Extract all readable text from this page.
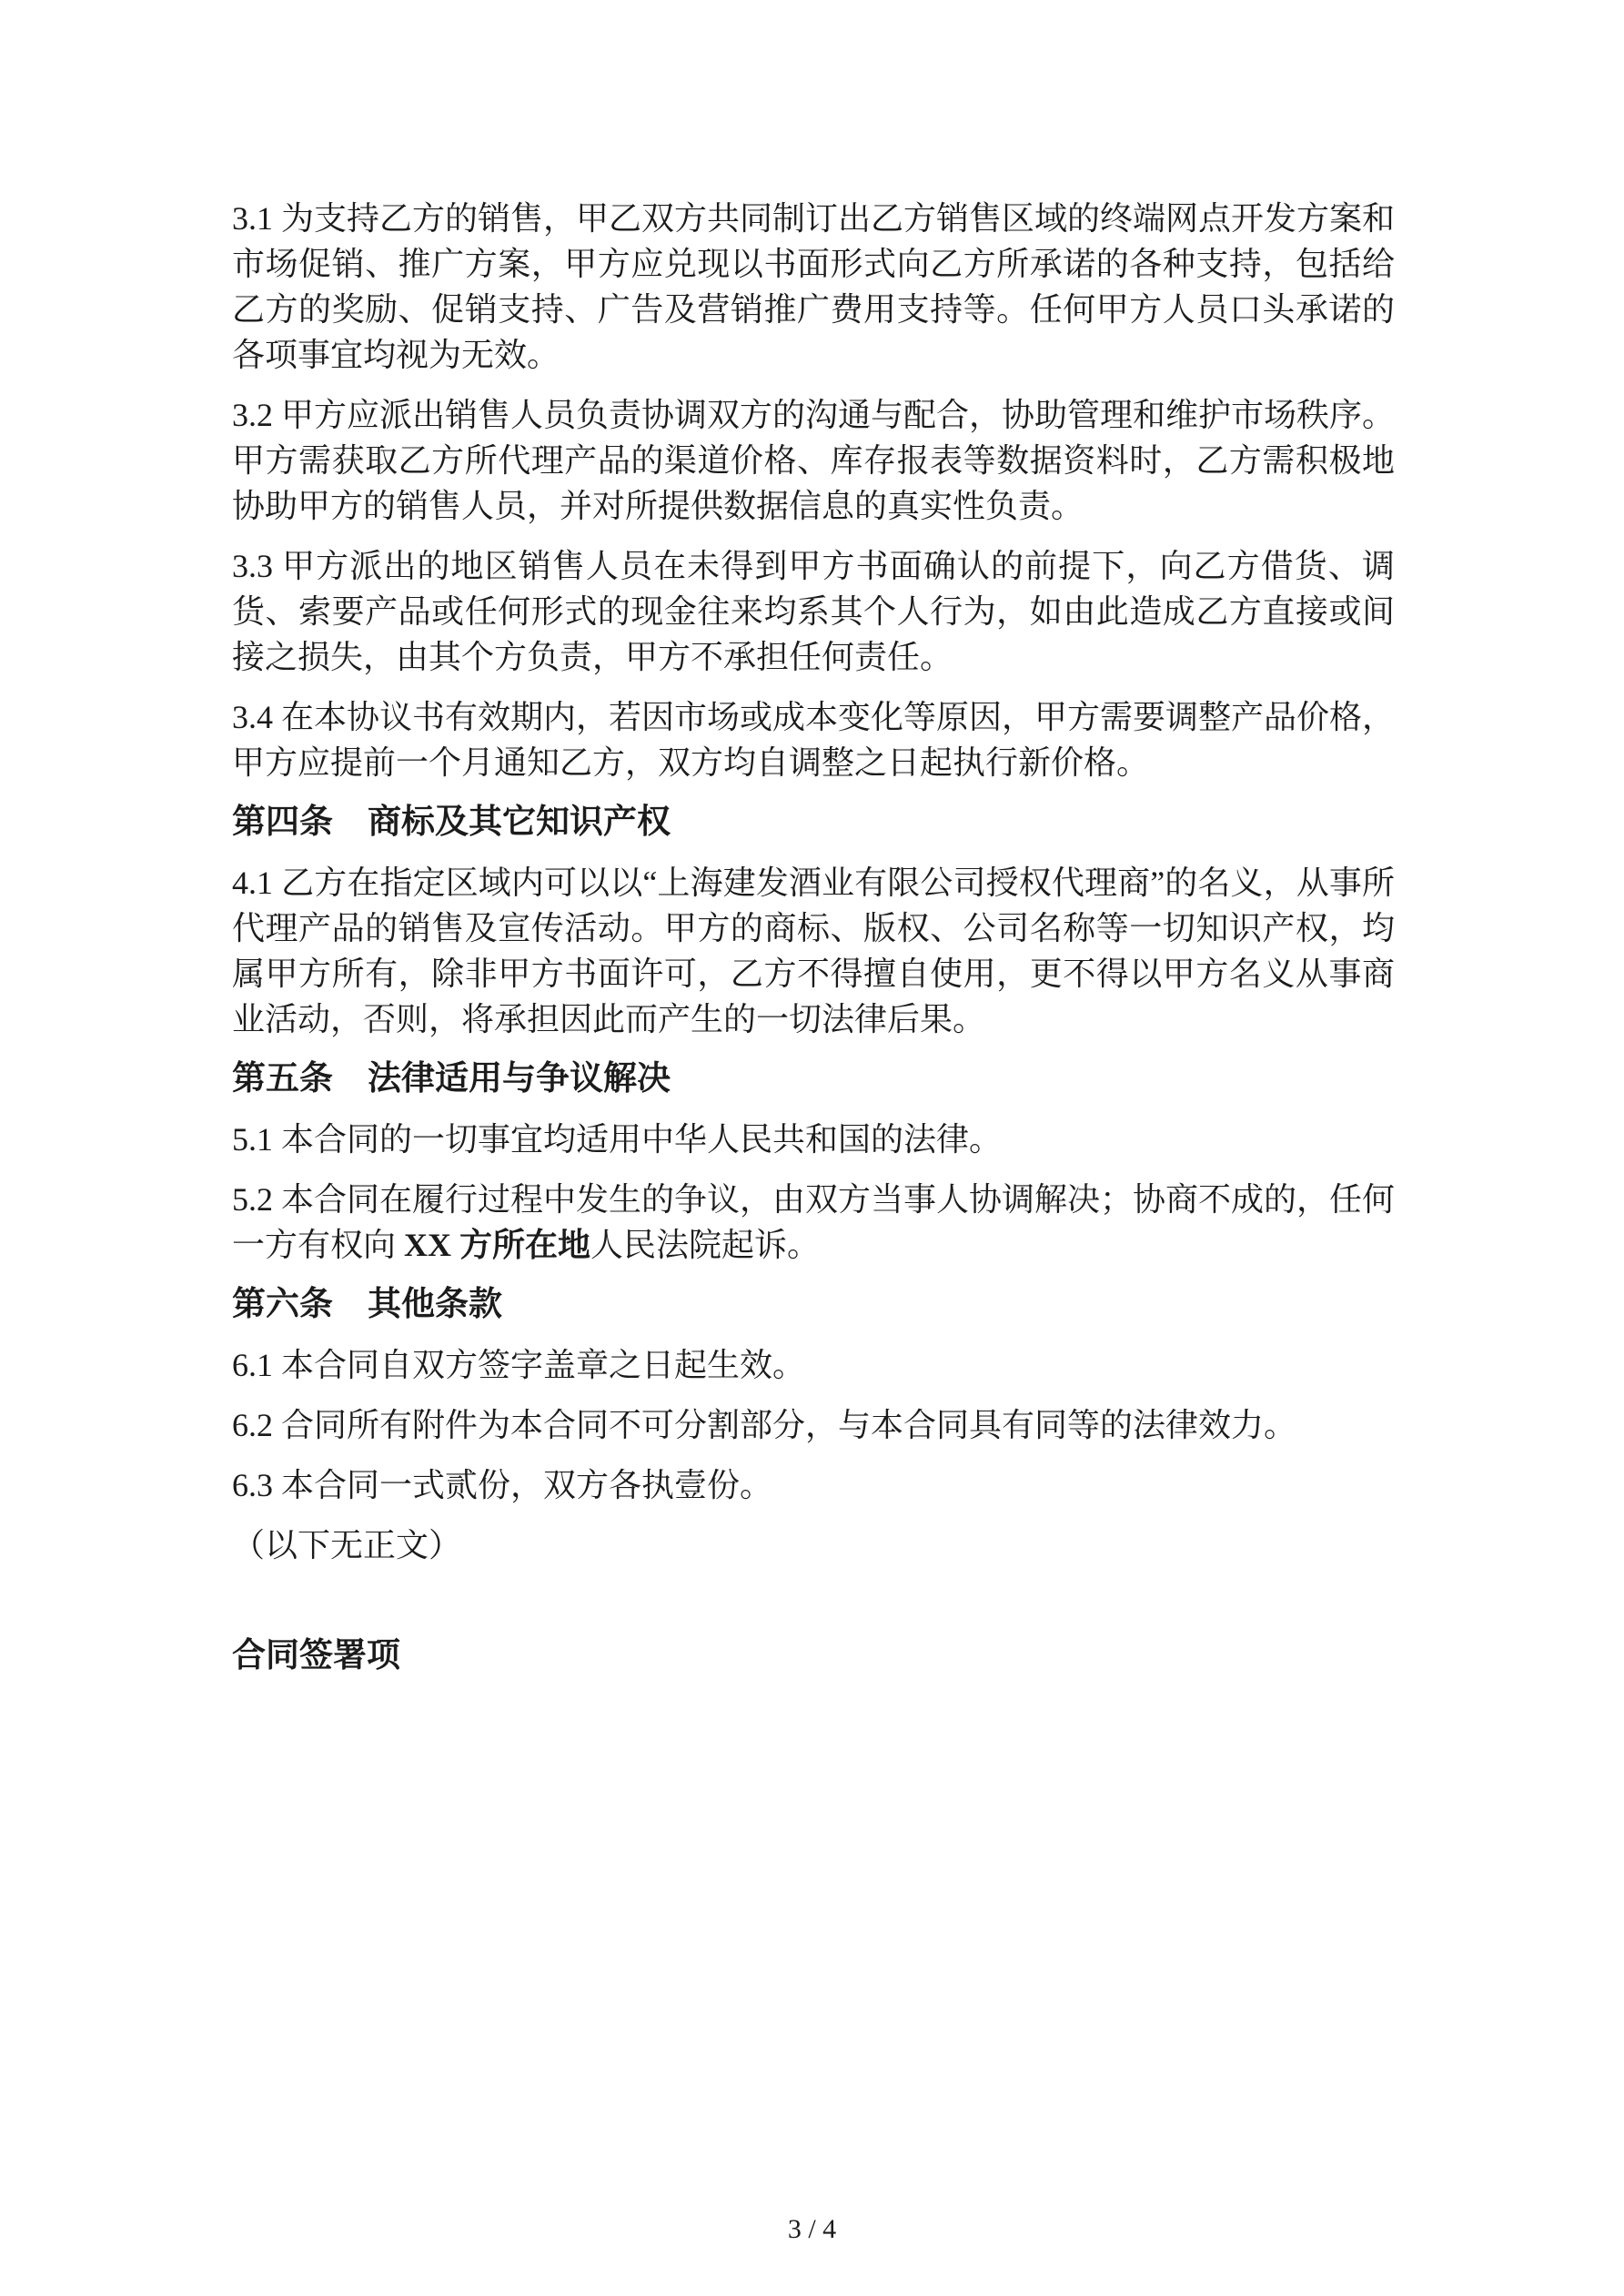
3.1 为支持乙方的销售，甲乙双方共同制订出乙方销售区域的终端网点开发方案和市场促销、推广方案，甲方应兑现以书面形式向乙方所承诺的各种支持，包括给乙方的奖励、促销支持、广告及营销推广费用支持等。任何甲方人员口头承诺的各项事宜均视为无效。

3.2 甲方应派出销售人员负责协调双方的沟通与配合，协助管理和维护市场秩序。甲方需获取乙方所代理产品的渠道价格、库存报表等数据资料时，乙方需积极地协助甲方的销售人员，并对所提供数据信息的真实性负责。

3.3 甲方派出的地区销售人员在未得到甲方书面确认的前提下，向乙方借货、调货、索要产品或任何形式的现金往来均系其个人行为，如由此造成乙方直接或间接之损失，由其个方负责，甲方不承担任何责任。

3.4 在本协议书有效期内，若因市场或成本变化等原因，甲方需要调整产品价格，甲方应提前一个月通知乙方，双方均自调整之日起执行新价格。

第四条 商标及其它知识产权

4.1 乙方在指定区域内可以以“上海建发酒业有限公司授权代理商”的名义，从事所代理产品的销售及宣传活动。甲方的商标、版权、公司名称等一切知识产权，均属甲方所有，除非甲方书面许可，乙方不得擅自使用，更不得以甲方名义从事商业活动，否则，将承担因此而产生的一切法律后果。

第五条 法律适用与争议解决

5.1 本合同的一切事宜均适用中华人民共和国的法律。

5.2 本合同在履行过程中发生的争议，由双方当事人协调解决；协商不成的，任何一方有权向 XX 方所在地人民法院起诉。

第六条 其他条款

6.1 本合同自双方签字盖章之日起生效。

6.2 合同所有附件为本合同不可分割部分，与本合同具有同等的法律效力。

6.3 本合同一式贰份，双方各执壹份。

（以下无正文）

合同签署项

3 / 4
